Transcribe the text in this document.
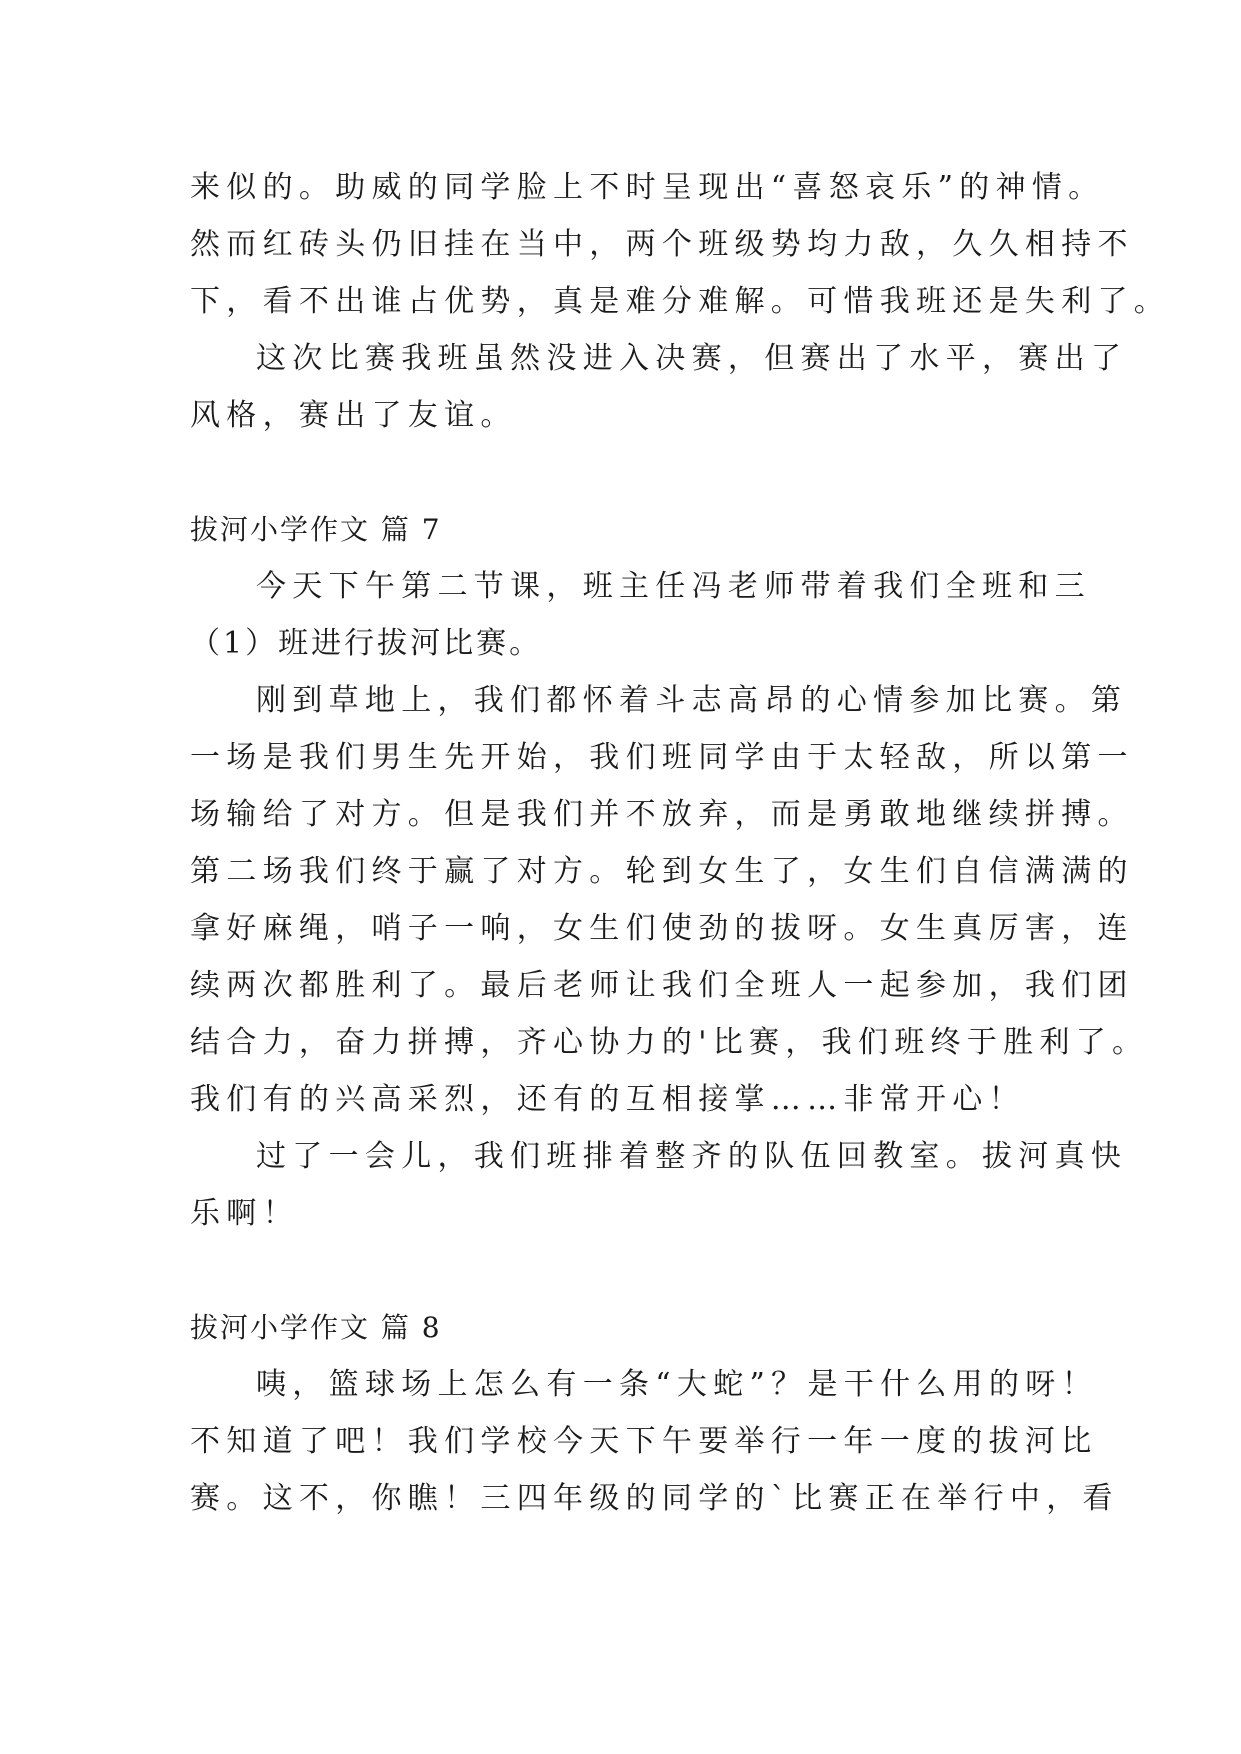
来似的。助威的同学脸上不时呈现出“喜怒哀乐”的神情。
然而红砖头仍旧挂在当中，两个班级势均力敌，久久相持不
下，看不出谁占优势，真是难分难解。可惜我班还是失利了。
这次比赛我班虽然没进入决赛，但赛出了水平，赛出了
风格，赛出了友谊。
拔河小学作文 篇 7
今天下午第二节课，班主任冯老师带着我们全班和三
（1）班进行拔河比赛。
刚到草地上，我们都怀着斗志高昂的心情参加比赛。第
一场是我们男生先开始，我们班同学由于太轻敌，所以第一
场输给了对方。但是我们并不放弃，而是勇敢地继续拼搏。
第二场我们终于赢了对方。轮到女生了，女生们自信满满的
拿好麻绳，哨子一响，女生们使劲的拔呀。女生真厉害，连
续两次都胜利了。最后老师让我们全班人一起参加，我们团
结合力，奋力拼搏，齐心协力的'比赛，我们班终于胜利了。
我们有的兴高采烈，还有的互相接掌……非常开心！
过了一会儿，我们班排着整齐的队伍回教室。拔河真快
乐啊！
拔河小学作文 篇 8
咦，篮球场上怎么有一条“大蛇”？是干什么用的呀！
不知道了吧！我们学校今天下午要举行一年一度的拔河比
赛。这不，你瞧！三四年级的同学的`比赛正在举行中，看
